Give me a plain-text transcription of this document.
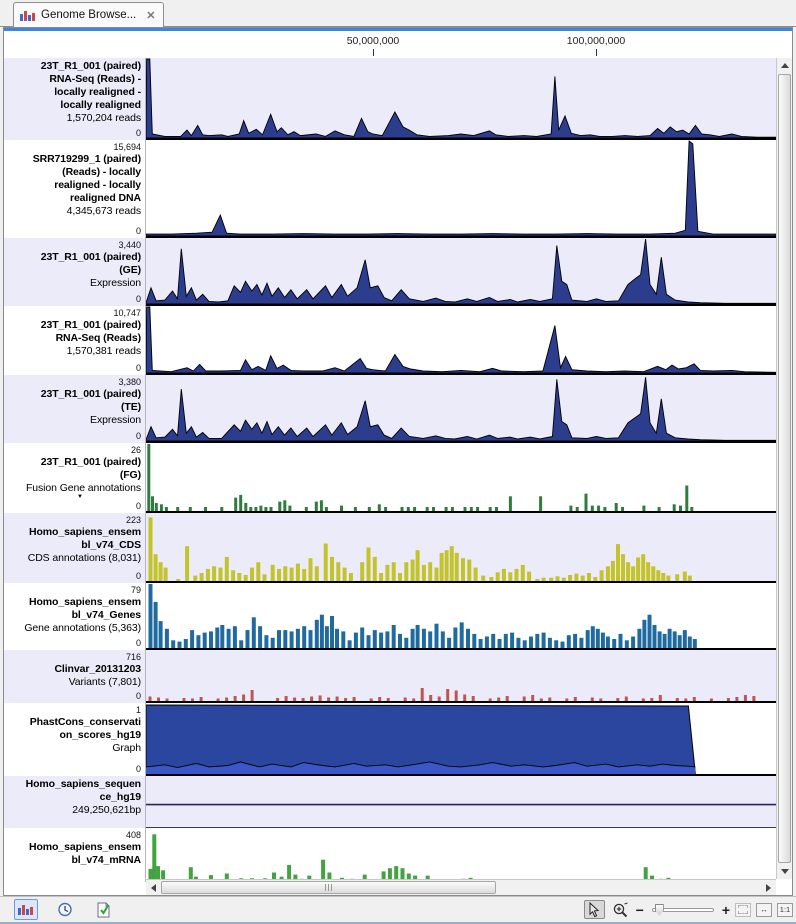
Genome Browse... ✕
50,000,000	100,000,000
23T_R1_001 (paired)
RNA-Seq (Reads) -
locally realigned -
locally realigned
1,570,204 reads
0
15,694
SRR719299_1 (paired)
(Reads) - locally
realigned - locally
realigned DNA
4,345,673 reads
0
3,440
23T_R1_001 (paired)
(GE)
Expression
0
10,747
23T_R1_001 (paired)
RNA-Seq (Reads)
1,570,381 reads
0
3,380
23T_R1_001 (paired)
(TE)
Expression
0
26
23T_R1_001 (paired)
(FG)
Fusion Gene annotations
▼
0
223
Homo_sapiens_ensem
bl_v74_CDS
CDS annotations (8,031)
0
79
Homo_sapiens_ensem
bl_v74_Genes
Gene annotations (5,363)
0
716
Clinvar_20131203
Variants (7,801)
0
1
PhastCons_conservati
on_scores_hg19
Graph
0
Homo_sapiens_sequen
ce_hg19
249,250,621bp
408
Homo_sapiens_ensem
bl_v74_mRNA
−	+	↔	1:1
